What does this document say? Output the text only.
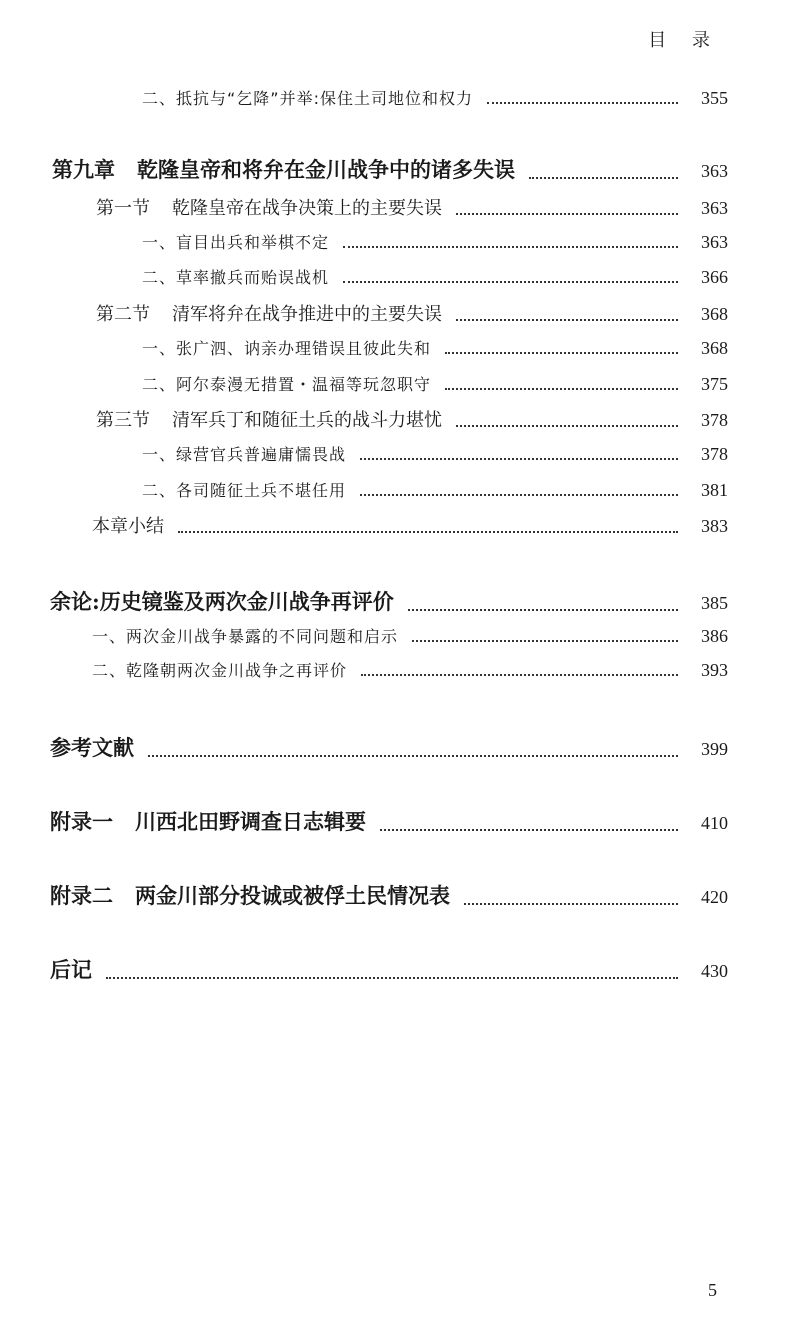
目 录
二、抵抗与“乞降”并举:保住土司地位和权力	355
第九章 乾隆皇帝和将弁在金川战争中的诸多失误	363
第一节 乾隆皇帝在战争决策上的主要失误	363
一、盲目出兵和举棋不定	363
二、草率撤兵而贻误战机	366
第二节 清军将弁在战争推进中的主要失误	368
一、张广泗、讷亲办理错误且彼此失和	368
二、阿尔泰漫无措置・温福等玩忽职守	375
第三节 清军兵丁和随征土兵的战斗力堪忧	378
一、绿营官兵普遍庸懦畏战	378
二、各司随征土兵不堪任用	381
本章小结	383
余论:历史镜鉴及两次金川战争再评价	385
一、两次金川战争暴露的不同问题和启示	386
二、乾隆朝两次金川战争之再评价	393
参考文献	399
附录一 川西北田野调查日志辑要	410
附录二 两金川部分投诚或被俘土民情况表	420
后记	430
5
